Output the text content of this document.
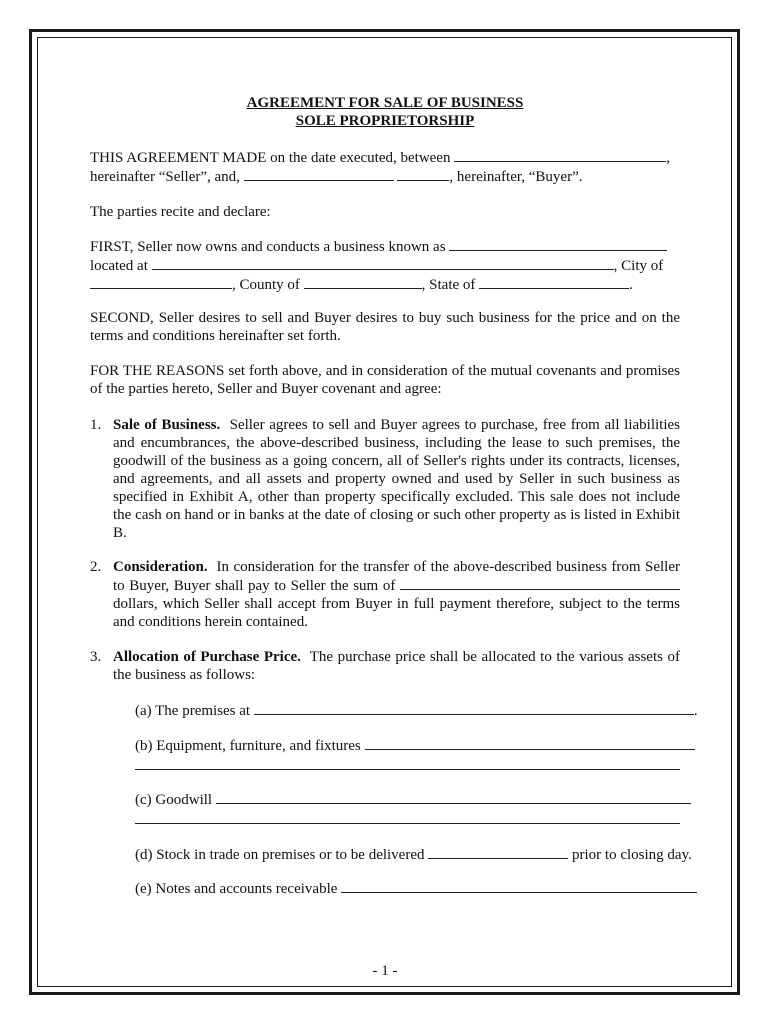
AGREEMENT FOR SALE OF BUSINESS
SOLE PROPRIETORSHIP
THIS AGREEMENT MADE on the date executed, between	,
hereinafter “Seller”, and,	, hereinafter, “Buyer”.
The parties recite and declare:
FIRST, Seller now owns and conducts a business known as
located at	, City of
, County of	, State of	.
SECOND, Seller desires to sell and Buyer desires to buy such business for the price and on the terms and conditions hereinafter set forth.
FOR THE REASONS set forth above, and in consideration of the mutual covenants and promises of the parties hereto, Seller and Buyer covenant and agree:
1. Sale of Business. Seller agrees to sell and Buyer agrees to purchase, free from all liabilities and encumbrances, the above-described business, including the lease to such premises, the goodwill of the business as a going concern, all of Seller's rights under its contracts, licenses, and agreements, and all assets and property owned and used by Seller in such business as specified in Exhibit A, other than property specifically excluded. This sale does not include the cash on hand or in banks at the date of closing or such other property as is listed in Exhibit B.
2. Consideration. In consideration for the transfer of the above-described business from Seller to Buyer, Buyer shall pay to Seller the sum of  dollars, which Seller shall accept from Buyer in full payment therefore, subject to the terms and conditions herein contained.
3. Allocation of Purchase Price. The purchase price shall be allocated to the various assets of the business as follows:
(a) The premises at	.
(b) Equipment, furniture, and fixtures
(c) Goodwill
(d) Stock in trade on premises or to be delivered	prior to closing day.
(e) Notes and accounts receivable
- 1 -
